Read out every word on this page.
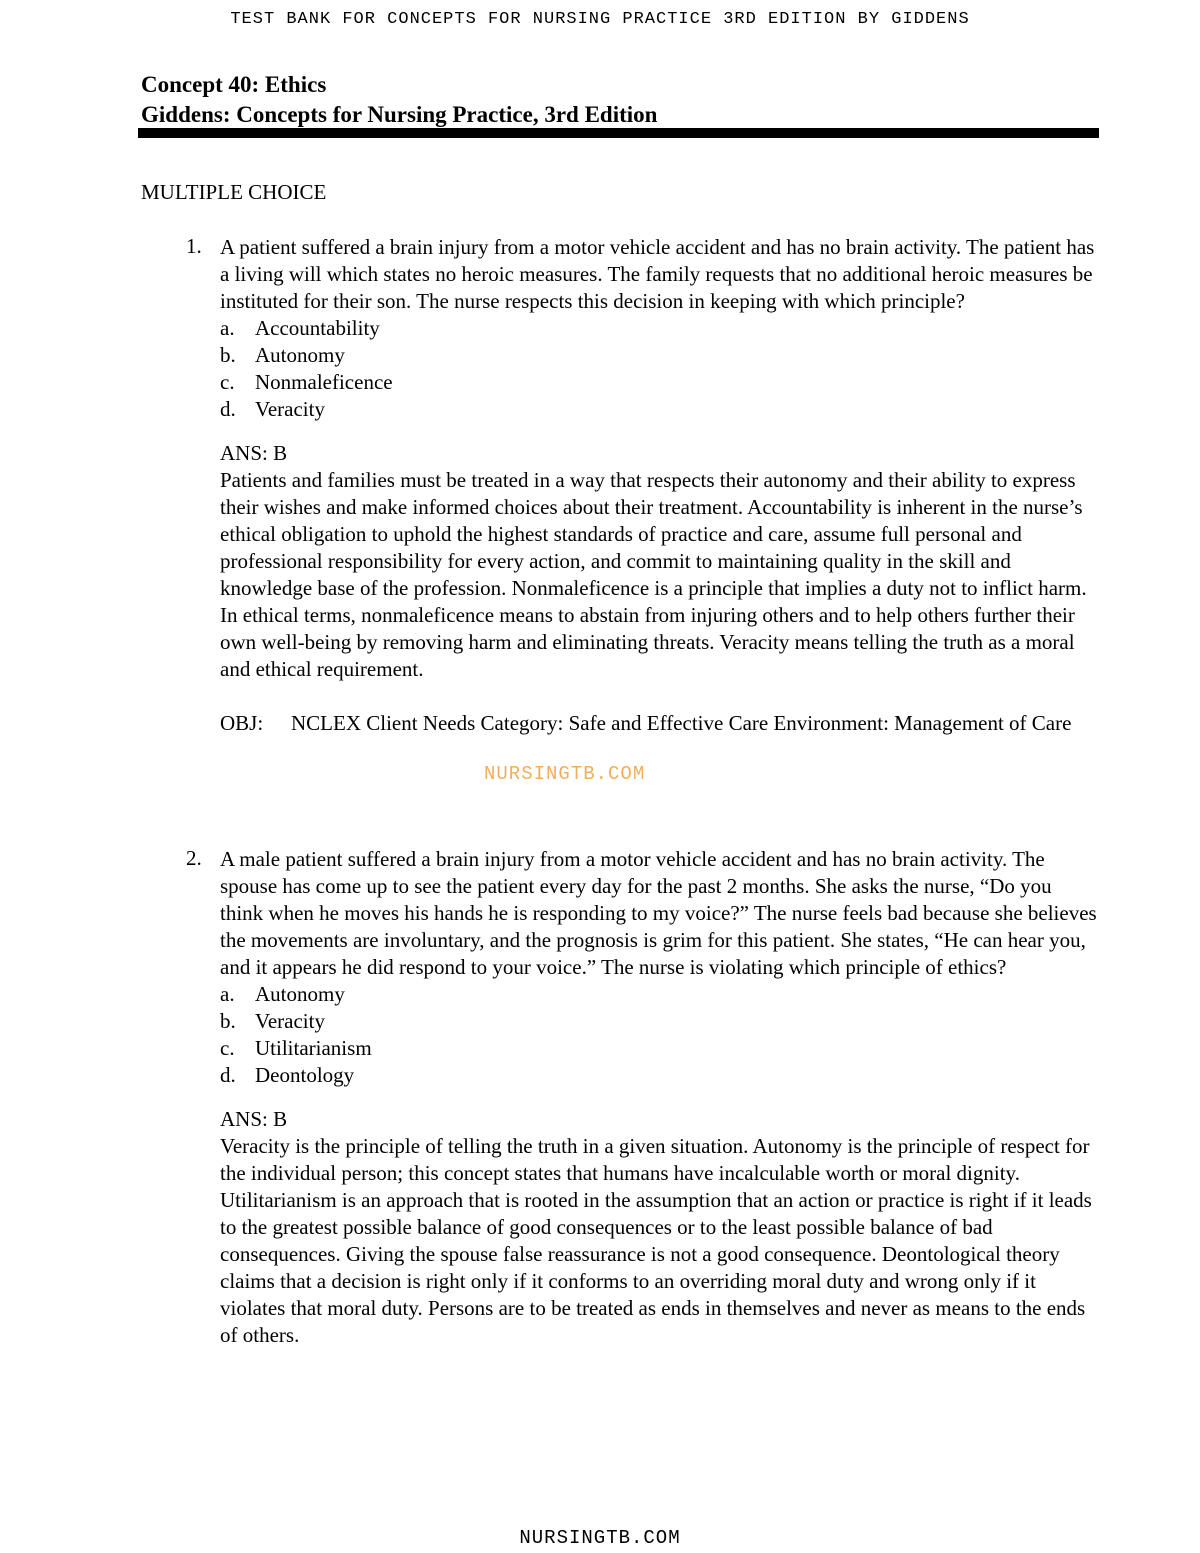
TEST BANK FOR CONCEPTS FOR NURSING PRACTICE 3RD EDITION BY GIDDENS
Concept 40: Ethics
Giddens: Concepts for Nursing Practice, 3rd Edition
MULTIPLE CHOICE
1. A patient suffered a brain injury from a motor vehicle accident and has no brain activity. The patient has a living will which states no heroic measures. The family requests that no additional heroic measures be instituted for their son. The nurse respects this decision in keeping with which principle?
a. Accountability
b. Autonomy
c. Nonmaleficence
d. Veracity
ANS: B
Patients and families must be treated in a way that respects their autonomy and their ability to express their wishes and make informed choices about their treatment. Accountability is inherent in the nurse’s ethical obligation to uphold the highest standards of practice and care, assume full personal and professional responsibility for every action, and commit to maintaining quality in the skill and knowledge base of the profession. Nonmaleficence is a principle that implies a duty not to inflict harm. In ethical terms, nonmaleficence means to abstain from injuring others and to help others further their own well-being by removing harm and eliminating threats. Veracity means telling the truth as a moral and ethical requirement.
OBJ:	NCLEX Client Needs Category: Safe and Effective Care Environment: Management of Care
NURSINGTB.COM
2. A male patient suffered a brain injury from a motor vehicle accident and has no brain activity. The spouse has come up to see the patient every day for the past 2 months. She asks the nurse, “Do you think when he moves his hands he is responding to my voice?” The nurse feels bad because she believes the movements are involuntary, and the prognosis is grim for this patient. She states, “He can hear you, and it appears he did respond to your voice.” The nurse is violating which principle of ethics?
a. Autonomy
b. Veracity
c. Utilitarianism
d. Deontology
ANS: B
Veracity is the principle of telling the truth in a given situation. Autonomy is the principle of respect for the individual person; this concept states that humans have incalculable worth or moral dignity. Utilitarianism is an approach that is rooted in the assumption that an action or practice is right if it leads to the greatest possible balance of good consequences or to the least possible balance of bad consequences. Giving the spouse false reassurance is not a good consequence. Deontological theory claims that a decision is right only if it conforms to an overriding moral duty and wrong only if it violates that moral duty. Persons are to be treated as ends in themselves and never as means to the ends of others.
NURSINGTB.COM
